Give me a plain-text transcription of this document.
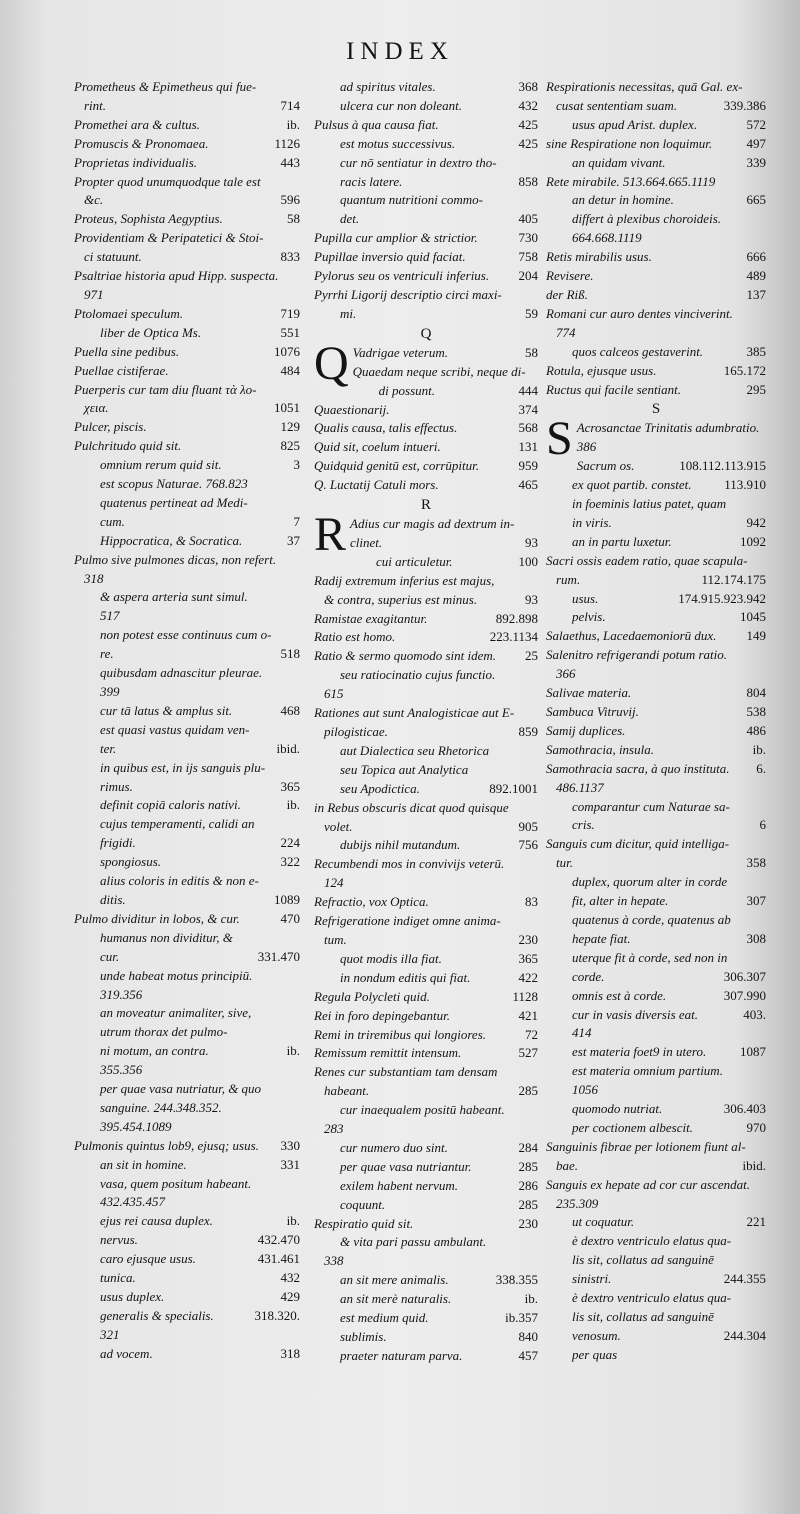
INDEX
Prometheus & Epimetheus qui fue-
rint.	714
Promethei ara & cultus.	ib.
Promuscis & Pronomaea.	1126
Proprietas individualis.	443
Propter quod unumquodque tale est
&c.	596
Proteus, Sophista Aegyptius.	58
Providentiam & Peripatetici & Stoi-
ci statuunt.	833
Psaltriae historia apud Hipp. suspecta.
971
Ptolomaei speculum.	719
liber de Optica Ms.	551
Puella sine pedibus.	1076
Puellae cistiferae.	484
Puerperis cur tam diu fluant τὰ λο-
χεια.	1051
Pulcer, piscis.	129
Pulchritudo quid sit.	825
omnium rerum quid sit.	3
est scopus Naturae. 768.823
quatenus pertineat ad Medi-
cum.	7
Hippocratica, & Socratica.	37
Pulmo sive pulmones dicas, non refert.
318
& aspera arteria sunt simul.
517
non potest esse continuus cum o-
re.	518
quibusdam adnascitur pleurae.
399
cur tā latus & amplus sit.	468
est quasi vastus quidam ven-
ter.	ibid.
in quibus est, in ijs sanguis plu-
rimus.	365
definit copiā caloris nativi.	ib.
cujus temperamenti, calidi an
frigidi.	224
spongiosus.	322
alius coloris in editis & non e-
ditis.	1089
Pulmo dividitur in lobos, & cur.	470
humanus non dividitur, &
cur.	331.470
unde habeat motus principiū.
319.356
an moveatur animaliter, sive,
utrum thorax det pulmo-
ni motum, an contra.	ib.
355.356
per quae vasa nutriatur, & quo
sanguine. 244.348.352.
395.454.1089
Pulmonis quintus lob9, ejusq; usus.	330
an sit in homine.	331
vasa, quem positum habeant.
432.435.457
ejus rei causa duplex.	ib.
nervus.	432.470
caro ejusque usus.	431.461
tunica.	432
usus duplex.	429
generalis & specialis.	318.320.
321
ad vocem.	318
ad spiritus vitales.	368
ulcera cur non doleant.	432
Pulsus à qua causa fiat.	425
est motus successivus.	425
cur nō sentiatur in dextro tho-
racis latere.	858
quantum nutritioni commo-
det.	405
Pupilla cur amplior & strictior.	730
Pupillae inversio quid faciat.	758
Pylorus seu os ventriculi inferius.	204
Pyrrhi Ligorij descriptio circi maxi-
mi.	59
Q
Q Vadrigae veterum.	58
Quaedam neque scribi, neque di-
di possunt.	444
Quaestionarij.	374
Qualis causa, talis effectus.	568
Quid sit, coelum intueri.	131
Quidquid genitū est, corrūpitur.	959
Q. Luctatij Catuli mors.	465
R
R Adius cur magis ad dextrum in-
clinet.	93
cui articuletur.	100
Radij extremum inferius est majus,
& contra, superius est minus.	93
Ramistae exagitantur.	892.898
Ratio est homo.	223.1134
Ratio & sermo quomodo sint idem.	25
seu ratiocinatio cujus functio.
615
Rationes aut sunt Analogisticae aut E-
pilogisticae.	859
aut Dialectica seu Rhetorica
seu Topica aut Analytica
seu Apodictica.	892.1001
in Rebus obscuris dicat quod quisque
volet.	905
dubijs nihil mutandum.	756
Recumbendi mos in convivijs veterū.
124
Refractio, vox Optica.	83
Refrigeratione indiget omne anima-
tum.	230
quot modis illa fiat.	365
in nondum editis qui fiat.	422
Regula Polycleti quid.	1128
Rei in foro depingebantur.	421
Remi in triremibus qui longiores.	72
Remissum remittit intensum.	527
Renes cur substantiam tam densam
habeant.	285
cur inaequalem positū habeant.
283
cur numero duo sint.	284
per quae vasa nutriantur.	285
exilem habent nervum.	286
coquunt.	285
Respiratio quid sit.	230
& vita pari passu ambulant.
338
an sit mere animalis.	338.355
an sit merè naturalis.	ib.
est medium quid.	ib.357
sublimis.	840
praeter naturam parva.	457
Respirationis necessitas, quā Gal. ex-
cusat sententiam suam.	339.386
usus apud Arist. duplex.	572
sine Respiratione non loquimur.	497
an quidam vivant.	339
Rete mirabile. 513.664.665.1119
an detur in homine.	665
differt à plexibus choroideis.
664.668.1119
Retis mirabilis usus.	666
Revisere.	489
der Riß.	137
Romani cur auro dentes vinciverint.
774
quos calceos gestaverint.	385
Rotula, ejusque usus.	165.172
Ructus qui facile sentiant.	295
S
S Acrosanctae Trinitatis adumbratio.
386
Sacrum os.	108.112.113.915
ex quot partib. constet.	113.910
in foeminis latius patet, quam
in viris.	942
an in partu luxetur.	1092
Sacri ossis eadem ratio, quae scapula-
rum.	112.174.175
usus.	174.915.923.942
pelvis.	1045
Salaethus, Lacedaemoniorū dux.	149
Salenitro refrigerandi potum ratio.
366
Salivae materia.	804
Sambuca Vitruvij.	538
Samij duplices.	486
Samothracia, insula.	ib.
Samothracia sacra, à quo instituta.	6.
486.1137
comparantur cum Naturae sa-
cris.	6
Sanguis cum dicitur, quid intelliga-
tur.	358
duplex, quorum alter in corde
fit, alter in hepate.	307
quatenus à corde, quatenus ab
hepate fiat.	308
uterque fit à corde, sed non in
corde.	306.307
omnis est à corde.	307.990
cur in vasis diversis eat.	403.
414
est materia foet9 in utero.	1087
est materia omnium partium.
1056
quomodo nutriat.	306.403
per coctionem albescit.	970
Sanguinis fibrae per lotionem fiunt al-
bae.	ibid.
Sanguis ex hepate ad cor cur ascendat.
235.309
ut coquatur.	221
è dextro ventriculo elatus qua-
lis sit, collatus ad sanguinē
sinistri.	244.355
è dextro ventriculo elatus qua-
lis sit, collatus ad sanguinē
venosum.	244.304
per quas
